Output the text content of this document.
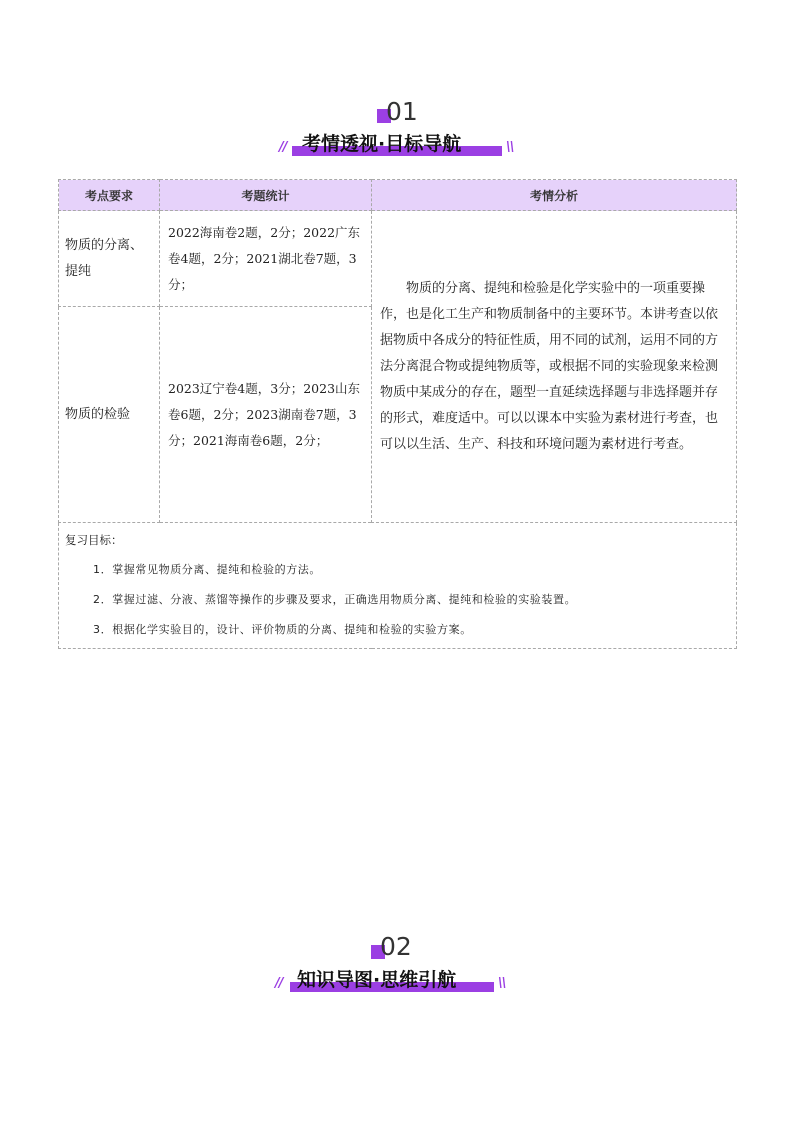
01
// 考情透视·目标导航	\\
考点要求	考题统计	考情分析
物质的分离、提纯	2022海南卷2题，2分；2022广东卷4题，2分；2021湖北卷7题，3分；	物质的分离、提纯和检验是化学实验中的一项重要操作，也是化工生产和物质制备中的主要环节。本讲考查以依据物质中各成分的特征性质，用不同的试剂，运用不同的方法分离混合物或提纯物质等，或根据不同的实验现象来检测物质中某成分的存在，题型一直延续选择题与非选择题并存的形式，难度适中。可以以课本中实验为素材进行考查，也可以以生活、生产、科技和环境问题为素材进行考查。
物质的检验	2023辽宁卷4题，3分；2023山东卷6题，2分；2023湖南卷7题，3分；2021海南卷6题，2分；	

复习目标：
1．掌握常见物质分离、提纯和检验的方法。
2．掌握过滤、分液、蒸馏等操作的步骤及要求，正确选用物质分离、提纯和检验的实验装置。
3．根据化学实验目的，设计、评价物质的分离、提纯和检验的实验方案。		
02
// 知识导图·思维引航	\\
